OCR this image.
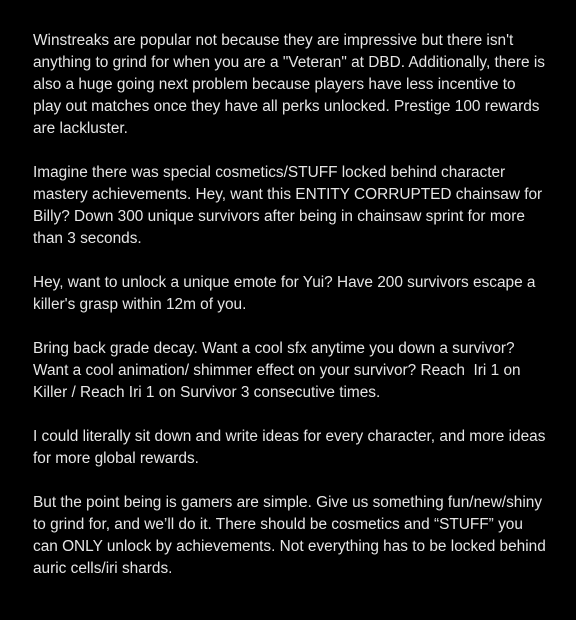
Winstreaks are popular not because they are impressive but there isn't anything to grind for when you are a "Veteran" at DBD. Additionally, there is also a huge going next problem because players have less incentive to play out matches once they have all perks unlocked. Prestige 100 rewards are lackluster.

Imagine there was special cosmetics/STUFF locked behind character mastery achievements. Hey, want this ENTITY CORRUPTED chainsaw for Billy? Down 300 unique survivors after being in chainsaw sprint for more than 3 seconds.

Hey, want to unlock a unique emote for Yui? Have 200 survivors escape a killer's grasp within 12m of you.

Bring back grade decay. Want a cool sfx anytime you down a survivor? Want a cool animation/ shimmer effect on your survivor? Reach  Iri 1 on Killer / Reach Iri 1 on Survivor 3 consecutive times.

I could literally sit down and write ideas for every character, and more ideas for more global rewards.

But the point being is gamers are simple. Give us something fun/new/shiny to grind for, and we’ll do it. There should be cosmetics and “STUFF” you can ONLY unlock by achievements. Not everything has to be locked behind auric cells/iri shards.
